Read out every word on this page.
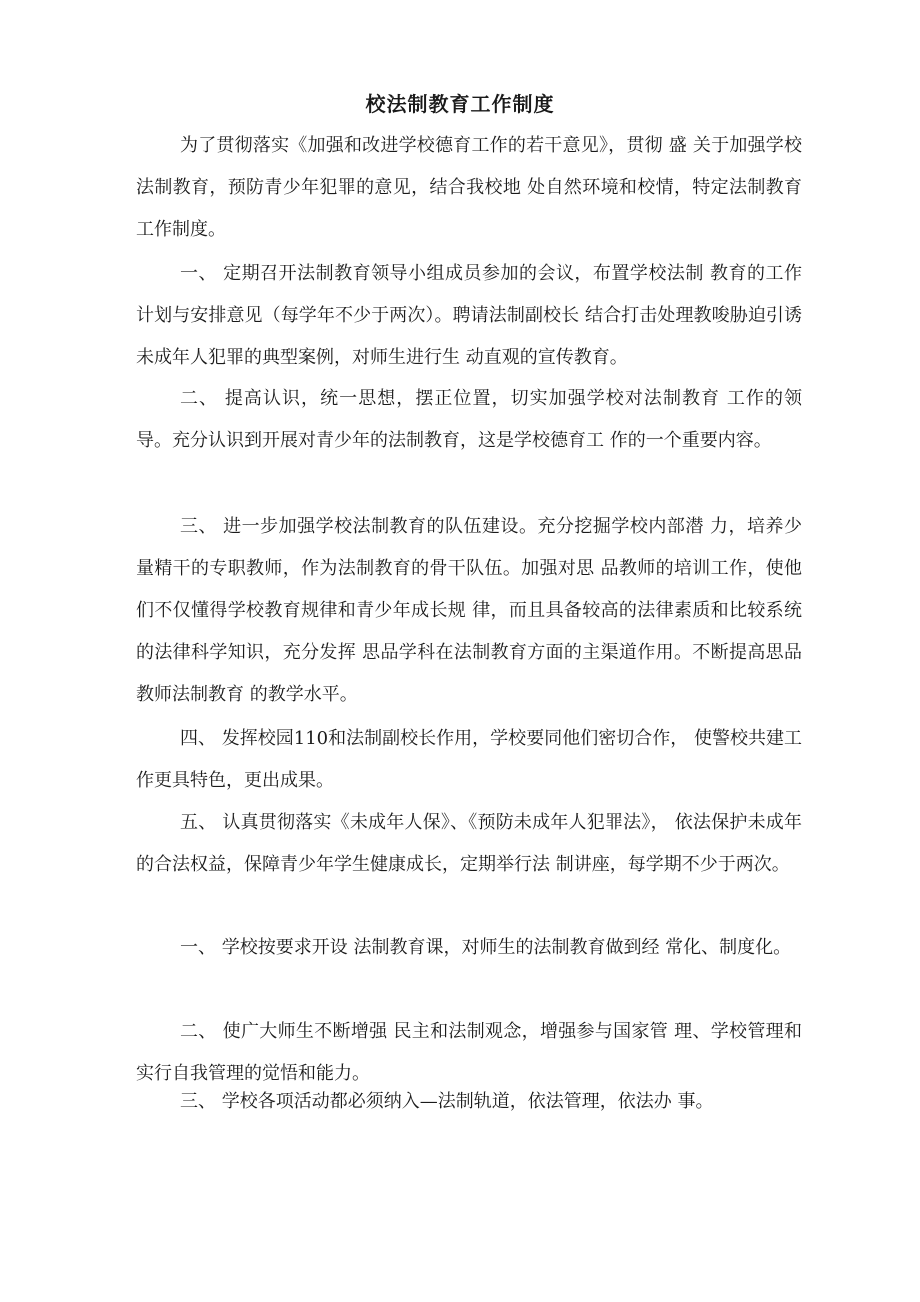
校法制教育工作制度

为了贯彻落实《加强和改进学校德育工作的若干意见》，贯彻 盛 关于加强学校法制教育，预防青少年犯罪的意见，结合我校地 处自然环境和校情，特定法制教育工作制度。

一、 定期召开法制教育领导小组成员参加的会议，布置学校法制 教育的工作计划与安排意见（每学年不少于两次）。聘请法制副校长 结合打击处理教唆胁迫引诱未成年人犯罪的典型案例，对师生进行生 动直观的宣传教育。

二、 提高认识，统一思想，摆正位置，切实加强学校对法制教育 工作的领导。充分认识到开展对青少年的法制教育，这是学校德育工 作的一个重要内容。

三、 进一步加强学校法制教育的队伍建设。充分挖掘学校内部潜 力，培养少量精干的专职教师，作为法制教育的骨干队伍。加强对思 品教师的培训工作，使他们不仅懂得学校教育规律和青少年成长规 律，而且具备较高的法律素质和比较系统的法律科学知识，充分发挥 思品学科在法制教育方面的主渠道作用。不断提高思品教师法制教育 的教学水平。

四、 发挥校园110和法制副校长作用，学校要同他们密切合作， 使警校共建工作更具特色，更出成果。

五、 认真贯彻落实《未成年人保》、《预防未成年人犯罪法》， 依法保护未成年的合法权益，保障青少年学生健康成长，定期举行法 制讲座，每学期不少于两次。

一、 学校按要求开设 法制教育课，对师生的法制教育做到经 常化、制度化。

二、 使广大师生不断增强 民主和法制观念，增强参与国家管 理、学校管理和实行自我管理的觉悟和能力。

三、 学校各项活动都必须纳入—法制轨道，依法管理，依法办 事。
